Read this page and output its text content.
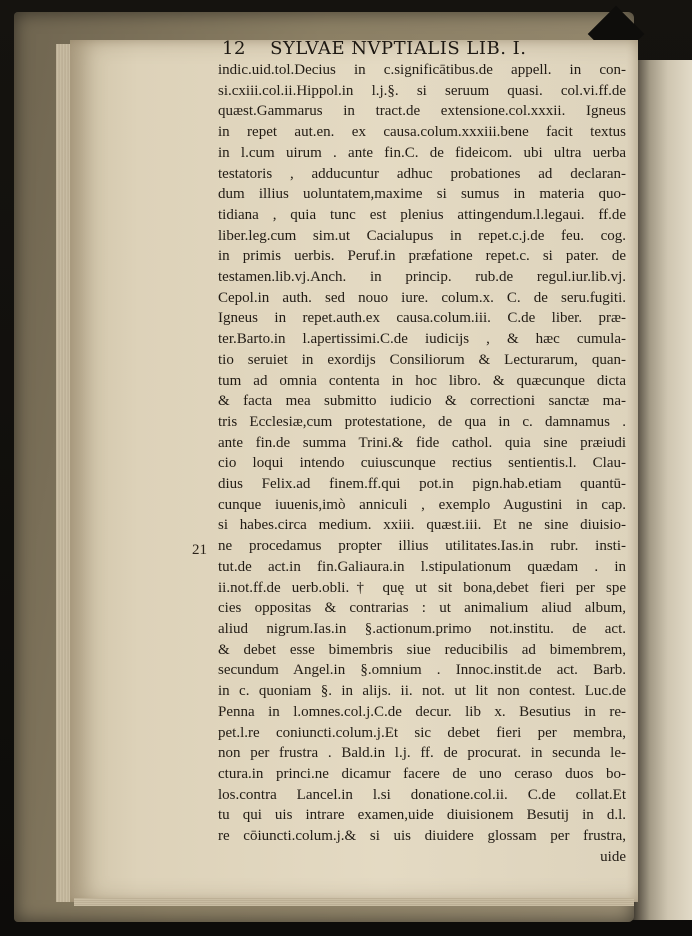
12 SYLVAE NVPTIALIS LIB. I.
21
indic.uid.tol.Decius in c.significātibus.de appell. in con-
si.cxiii.col.ii.Hippol.in l.j.§. si seruum quasi. col.vi.ff.de
quæst.Gammarus in tract.de extensione.col.xxxii. Igneus
in repet aut.en. ex causa.colum.xxxiii.bene facit textus
in l.cum uirum . ante fin.C. de fideicom. ubi ultra uerba
testatoris , adducuntur adhuc probationes ad declaran-
dum illius uoluntatem,maxime si sumus in materia quo-
tidiana , quia tunc est plenius attingendum.l.legaui. ff.de
liber.leg.cum sim.ut Cacialupus in repet.c.j.de feu. cog.
in primis uerbis. Peruf.in præfatione repet.c. si pater. de
testamen.lib.vj.Anch. in princip. rub.de regul.iur.lib.vj.
Cepol.in auth. sed nouo iure. colum.x. C. de seru.fugiti.
Igneus in repet.auth.ex causa.colum.iii. C.de liber. præ-
ter.Barto.in l.apertissimi.C.de iudicijs , & hæc cumula-
tio seruiet in exordijs Consiliorum & Lecturarum, quan-
tum ad omnia contenta in hoc libro. & quæcunque dicta
& facta mea submitto iudicio & correctioni sanctæ ma-
tris Ecclesiæ,cum protestatione, de qua in c. damnamus .
ante fin.de summa Trini.& fide cathol. quia sine præiudi
cio loqui intendo cuiuscunque rectius sentientis.l. Clau-
dius Felix.ad finem.ff.qui pot.in pign.hab.etiam quantū-
cunque iuuenis,imò anniculi , exemplo Augustini in cap.
si habes.circa medium. xxiii. quæst.iii. Et ne sine diuisio-
ne procedamus propter illius utilitates.Ias.in rubr. insti-
tut.de act.in fin.Galiaura.in l.stipulationum quædam . in
ii.not.ff.de uerb.obli.† quę ut sit bona,debet fieri per spe
cies oppositas & contrarias : ut animalium aliud album,
aliud nigrum.Ias.in §.actionum.primo not.institu. de act.
& debet esse bimembris siue reducibilis ad bimembrem,
secundum Angel.in §.omnium . Innoc.instit.de act. Barb.
in c. quoniam §. in alijs. ii. not. ut lit non contest. Luc.de
Penna in l.omnes.col.j.C.de decur. lib x. Besutius in re-
pet.l.re coniuncti.colum.j.Et sic debet fieri per membra,
non per frustra . Bald.in l.j. ff. de procurat. in secunda le-
ctura.in princi.ne dicamur facere de uno ceraso duos bo-
los.contra Lancel.in l.si donatione.col.ii. C.de collat.Et
tu qui uis intrare examen,uide diuisionem Besutij in d.l.
re cōiuncti.colum.j.& si uis diuidere glossam per frustra,
uide
